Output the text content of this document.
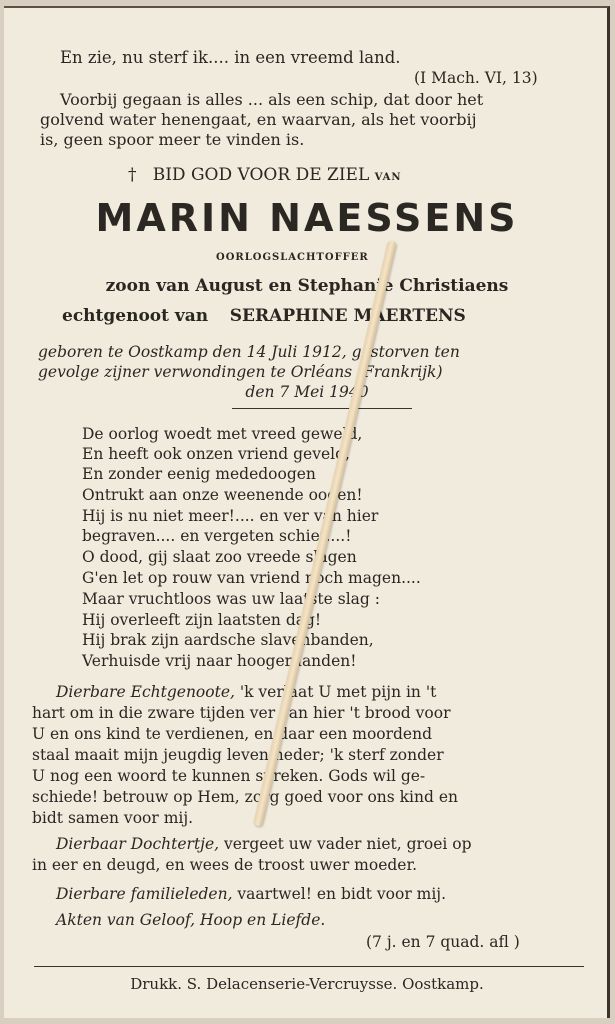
En zie, nu sterf ik.... in een vreemd land.
(I Mach. VI, 13)
Voorbij gegaan is alles ... als een schip, dat door het
golvend water henengaat, en waarvan, als het voorbij
is, geen spoor meer te vinden is.
† BID GOD VOOR DE ZIEL VAN
MARIN NAESSENS
OORLOGSLACHTOFFER
zoon van August en Stephanie Christiaens
echtgenoot van SERAPHINE MAERTENS
geboren te Oostkamp den 14 Juli 1912, gestorven ten
gevolge zijner verwondingen te Orléans (Frankrijk)
den 7 Mei 1940
De oorlog woedt met vreed geweld,
En heeft ook onzen vriend geveld,
En zonder eenig mededoogen
Ontrukt aan onze weenende oogen!
Hij is nu niet meer!.... en ver van hier
begraven.... en vergeten schier....!
O dood, gij slaat zoo vreede slagen
G'en let op rouw van vriend noch magen....
Maar vruchtloos was uw laatste slag :
Hij overleeft zijn laatsten dag!
Hij brak zijn aardsche slavenbanden,
Verhuisde vrij naar hooger landen!
Dierbare Echtgenoote, 'k verlaat U met pijn in 't
hart om in die zware tijden ver van hier 't brood voor
U en ons kind te verdienen, en daar een moordend
staal maait mijn jeugdig leven neder; 'k sterf zonder
U nog een woord te kunnen spreken. Gods wil ge-
schiede! betrouw op Hem, zorg goed voor ons kind en
bidt samen voor mij.
Dierbaar Dochtertje, vergeet uw vader niet, groei op
in eer en deugd, en wees de troost uwer moeder.
Dierbare familieleden, vaartwel! en bidt voor mij.
Akten van Geloof, Hoop en Liefde.
(7 j. en 7 quad. afl )
Drukk. S. Delacenserie-Vercruysse. Oostkamp.
